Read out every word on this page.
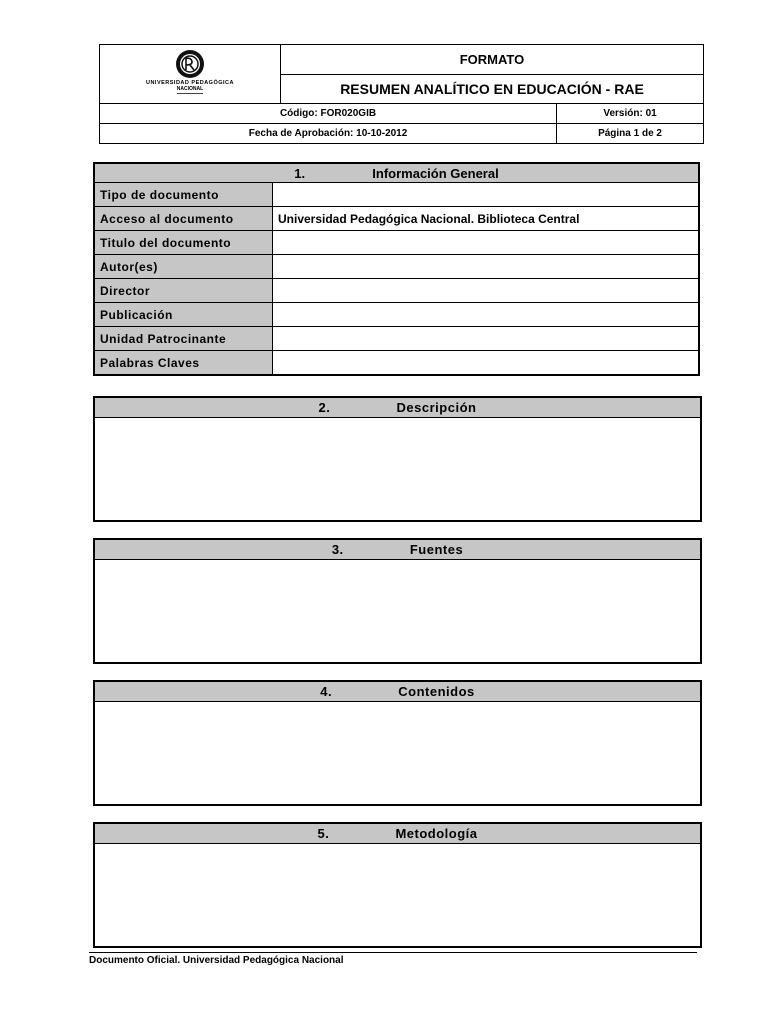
UNIVERSIDAD PEDAGÓGICA
NACIONAL	FORMATO	
	RESUMEN ANALÍTICO EN EDUCACIÓN - RAE	
Código: FOR020GIB		Versión: 01
Fecha de Aprobación: 10-10-2012		Página 1 de 2
1. Información General	
Tipo de documento	
Acceso al documento	Universidad Pedagógica Nacional. Biblioteca Central
Titulo del documento	
Autor(es)	
Director	
Publicación	
Unidad Patrocinante	
Palabras Claves	
2.	Descripción
3.	Fuentes
4.	Contenidos
5.	Metodología
Documento Oficial. Universidad Pedagógica Nacional
